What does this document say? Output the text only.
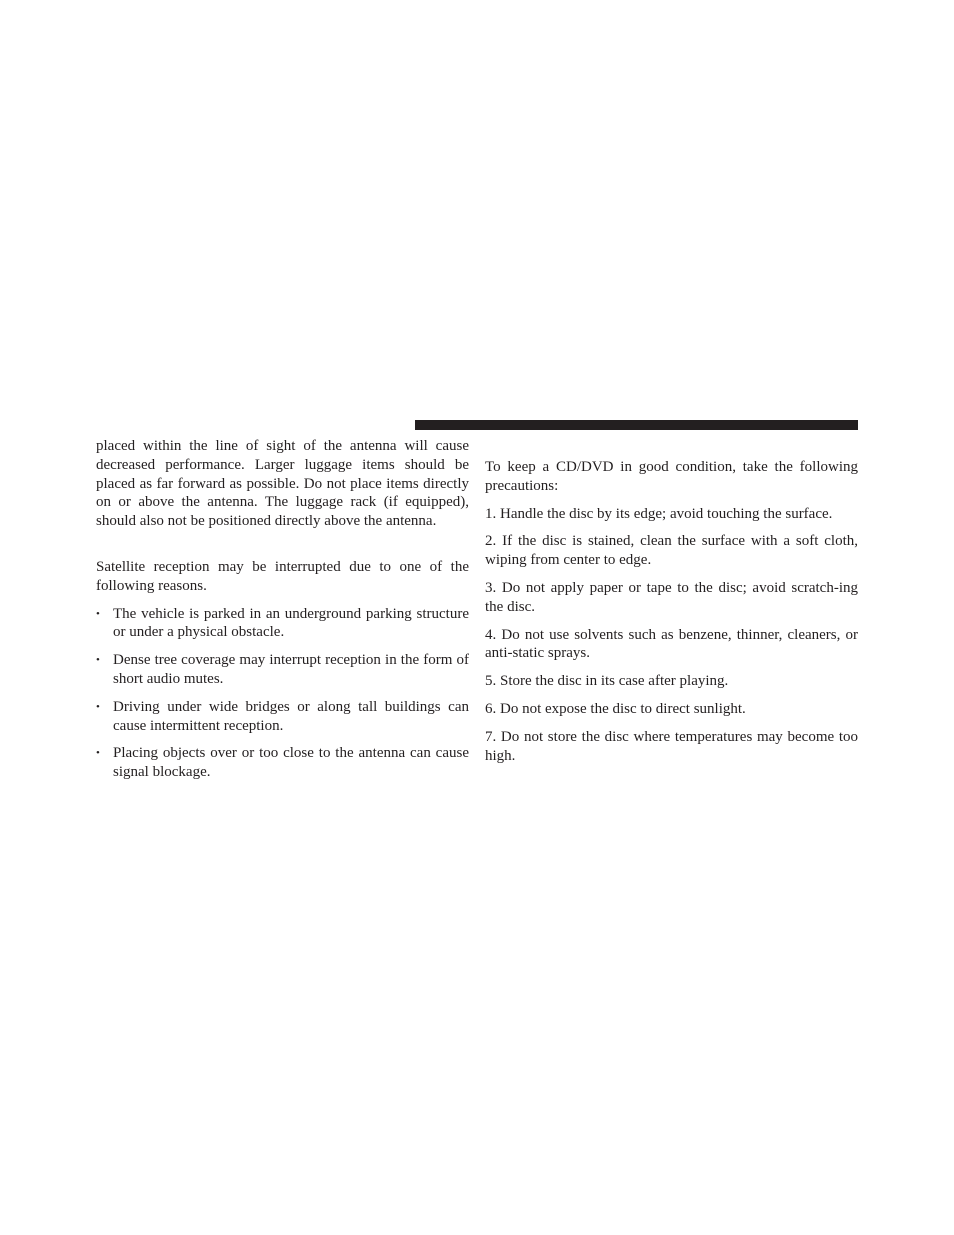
placed within the line of sight of the antenna will cause decreased performance. Larger luggage items should be placed as far forward as possible. Do not place items directly on or above the antenna. The luggage rack (if equipped), should also not be positioned directly above the antenna.

Satellite reception may be interrupted due to one of the following reasons.

• The vehicle is parked in an underground parking structure or under a physical obstacle.
• Dense tree coverage may interrupt reception in the form of short audio mutes.
• Driving under wide bridges or along tall buildings can cause intermittent reception.
• Placing objects over or too close to the antenna can cause signal blockage.

To keep a CD/DVD in good condition, take the following precautions:

1. Handle the disc by its edge; avoid touching the surface.

2. If the disc is stained, clean the surface with a soft cloth, wiping from center to edge.

3. Do not apply paper or tape to the disc; avoid scratch-ing the disc.

4. Do not use solvents such as benzene, thinner, cleaners, or anti-static sprays.

5. Store the disc in its case after playing.

6. Do not expose the disc to direct sunlight.

7. Do not store the disc where temperatures may become too high.
